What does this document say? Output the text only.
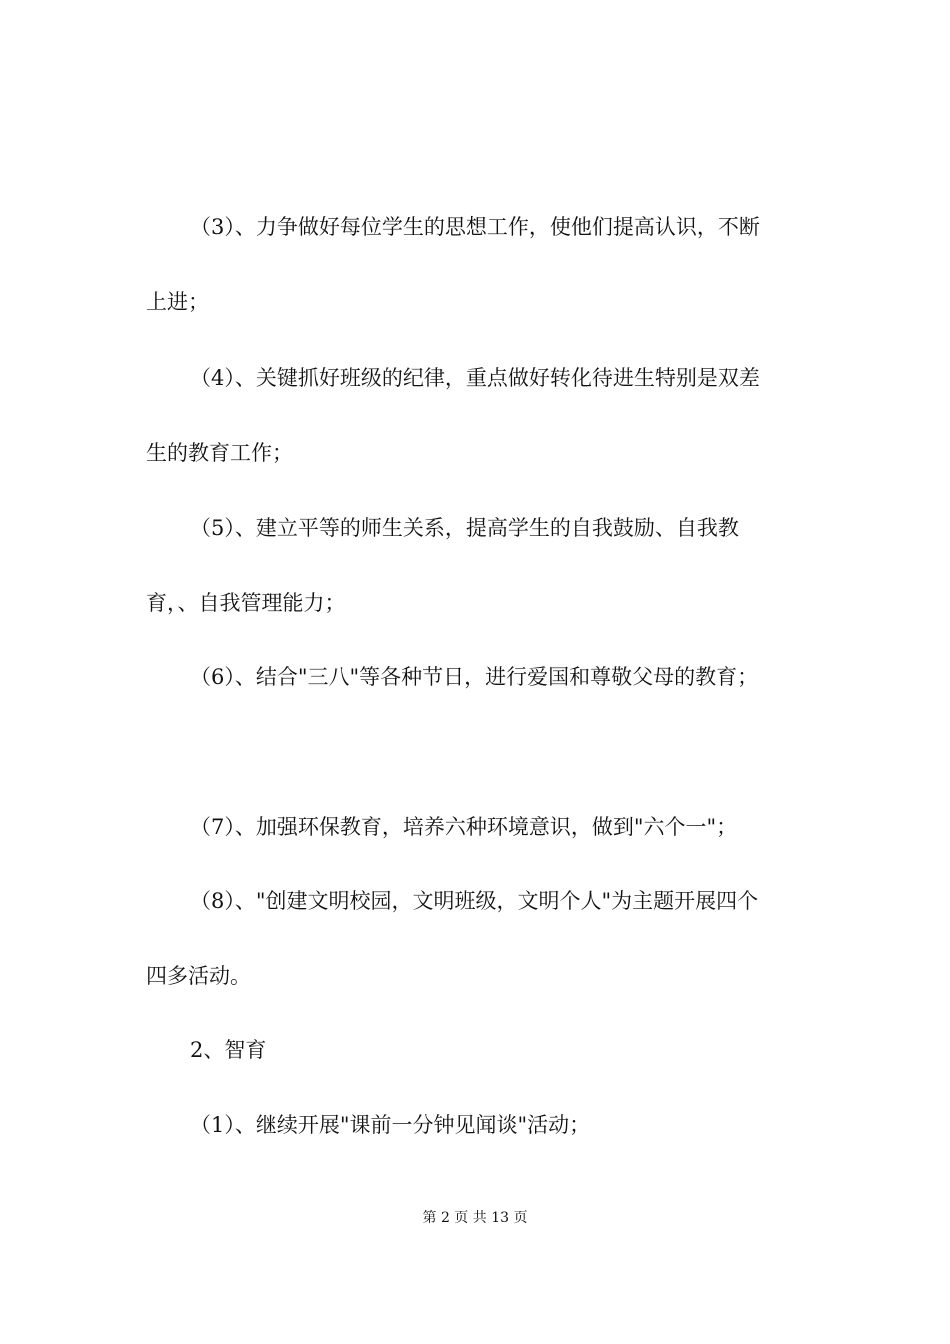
（3）、力争做好每位学生的思想工作，使他们提高认识，不断
上进；
（4）、关键抓好班级的纪律，重点做好转化待进生特别是双差
生的教育工作；
（5）、建立平等的师生关系，提高学生的自我鼓励、自我教
育，、自我管理能力；
（6）、结合"三八"等各种节日，进行爱国和尊敬父母的教育；
（7）、加强环保教育，培养六种环境意识，做到"六个一"；
（8）、"创建文明校园，文明班级，文明个人"为主题开展四个
四多活动。
2、智育
（1）、继续开展"课前一分钟见闻谈"活动；
第 2 页 共 13 页
